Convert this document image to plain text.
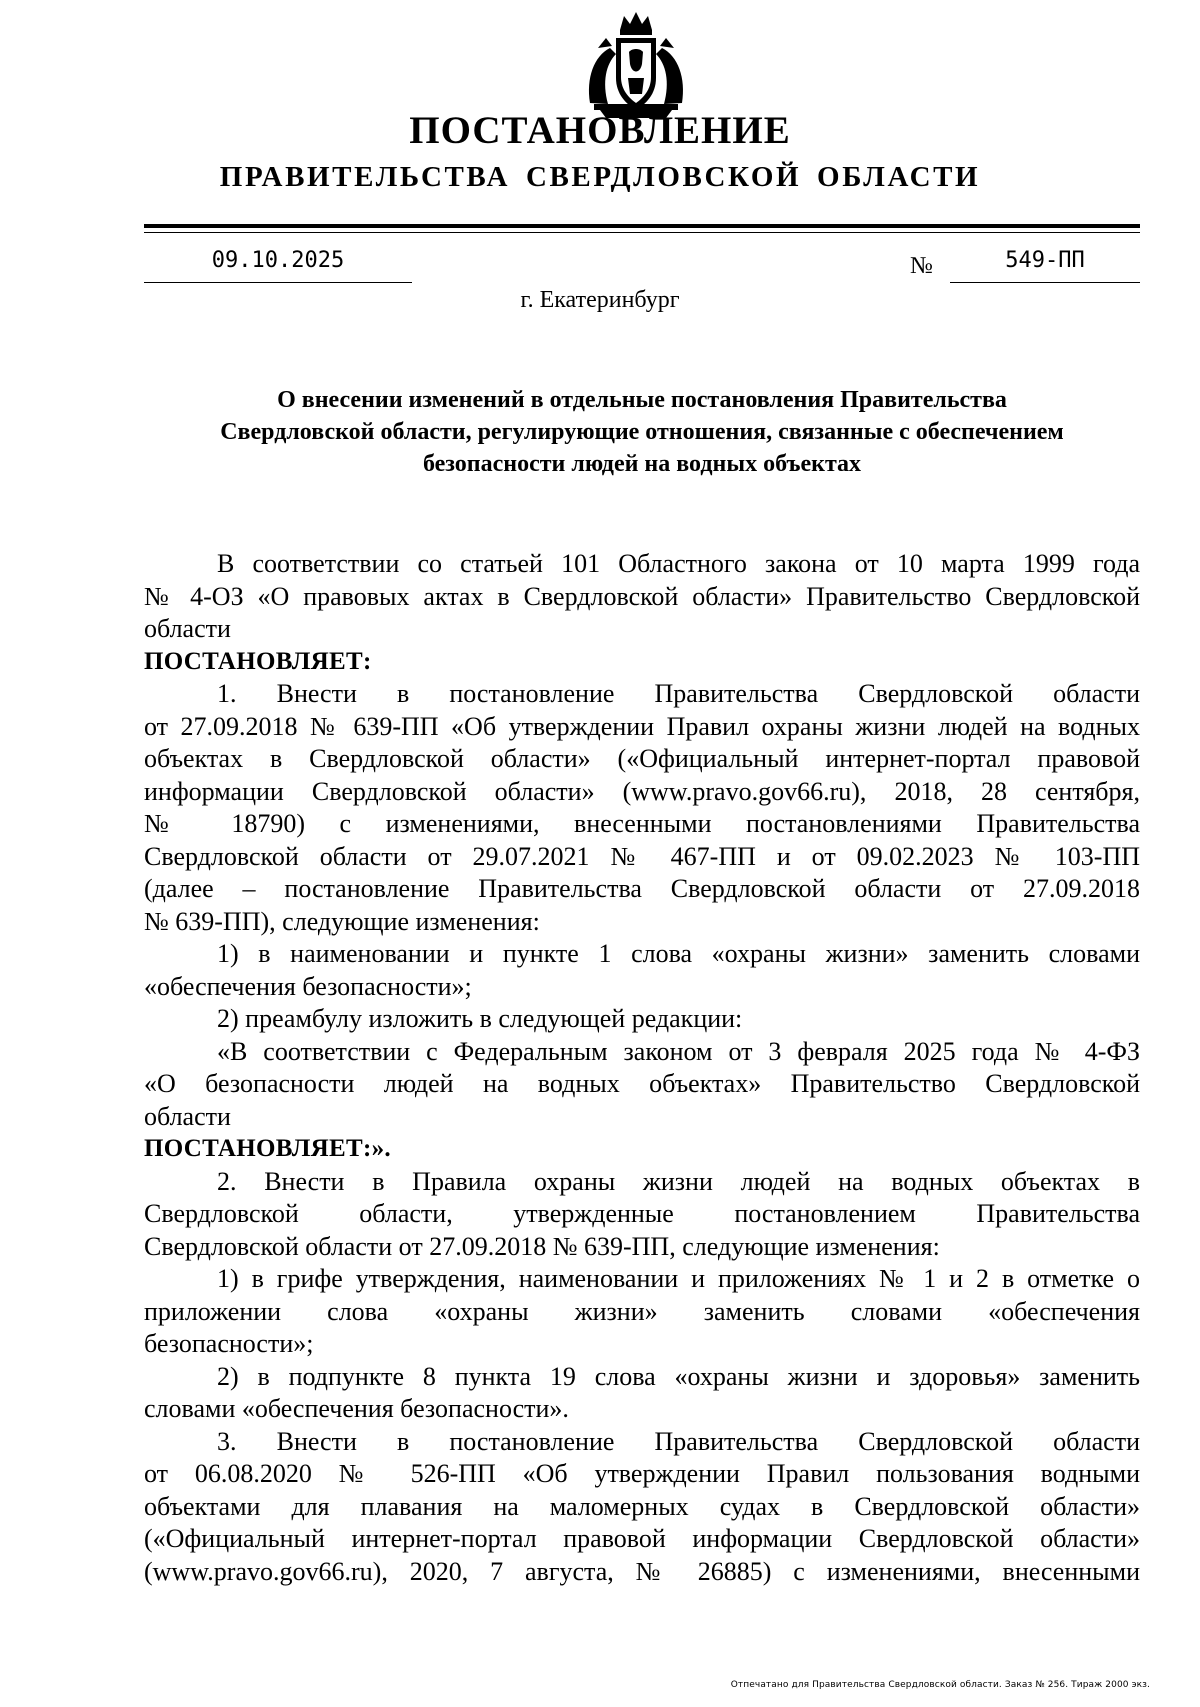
ПОСТАНОВЛЕНИЕ
ПРАВИТЕЛЬСТВА СВЕРДЛОВСКОЙ ОБЛАСТИ
09.10.2025	№	549-ПП
г. Екатеринбург
О внесении изменений в отдельные постановления Правительства
Свердловской области, регулирующие отношения, связанные с обеспечением
безопасности людей на водных объектах
В соответствии со статьей 101 Областного закона от 10 марта 1999 года
№ 4-ОЗ «О правовых актах в Свердловской области» Правительство Свердловской
области
ПОСТАНОВЛЯЕТ:
1. Внести в постановление Правительства Свердловской области
от 27.09.2018 № 639-ПП «Об утверждении Правил охраны жизни людей на водных
объектах в Свердловской области» («Официальный интернет-портал правовой
информации Свердловской области» (www.pravo.gov66.ru), 2018, 28 сентября,
№ 18790) с изменениями, внесенными постановлениями Правительства
Свердловской области от 29.07.2021 № 467-ПП и от 09.02.2023 № 103-ПП
(далее – постановление Правительства Свердловской области от 27.09.2018
№ 639-ПП), следующие изменения:
1) в наименовании и пункте 1 слова «охраны жизни» заменить словами
«обеспечения безопасности»;
2) преамбулу изложить в следующей редакции:
«В соответствии с Федеральным законом от 3 февраля 2025 года № 4-ФЗ
«О безопасности людей на водных объектах» Правительство Свердловской
области
ПОСТАНОВЛЯЕТ:».
2. Внести в Правила охраны жизни людей на водных объектах в
Свердловской области, утвержденные постановлением Правительства
Свердловской области от 27.09.2018 № 639-ПП, следующие изменения:
1) в грифе утверждения, наименовании и приложениях № 1 и 2 в отметке о
приложении слова «охраны жизни» заменить словами «обеспечения
безопасности»;
2) в подпункте 8 пункта 19 слова «охраны жизни и здоровья» заменить
словами «обеспечения безопасности».
3. Внести в постановление Правительства Свердловской области
от 06.08.2020 № 526-ПП «Об утверждении Правил пользования водными
объектами для плавания на маломерных судах в Свердловской области»
(«Официальный интернет-портал правовой информации Свердловской области»
(www.pravo.gov66.ru), 2020, 7 августа, № 26885) с изменениями, внесенными
Отпечатано для Правительства Свердловской области. Заказ № 256. Тираж 2000 экз.
